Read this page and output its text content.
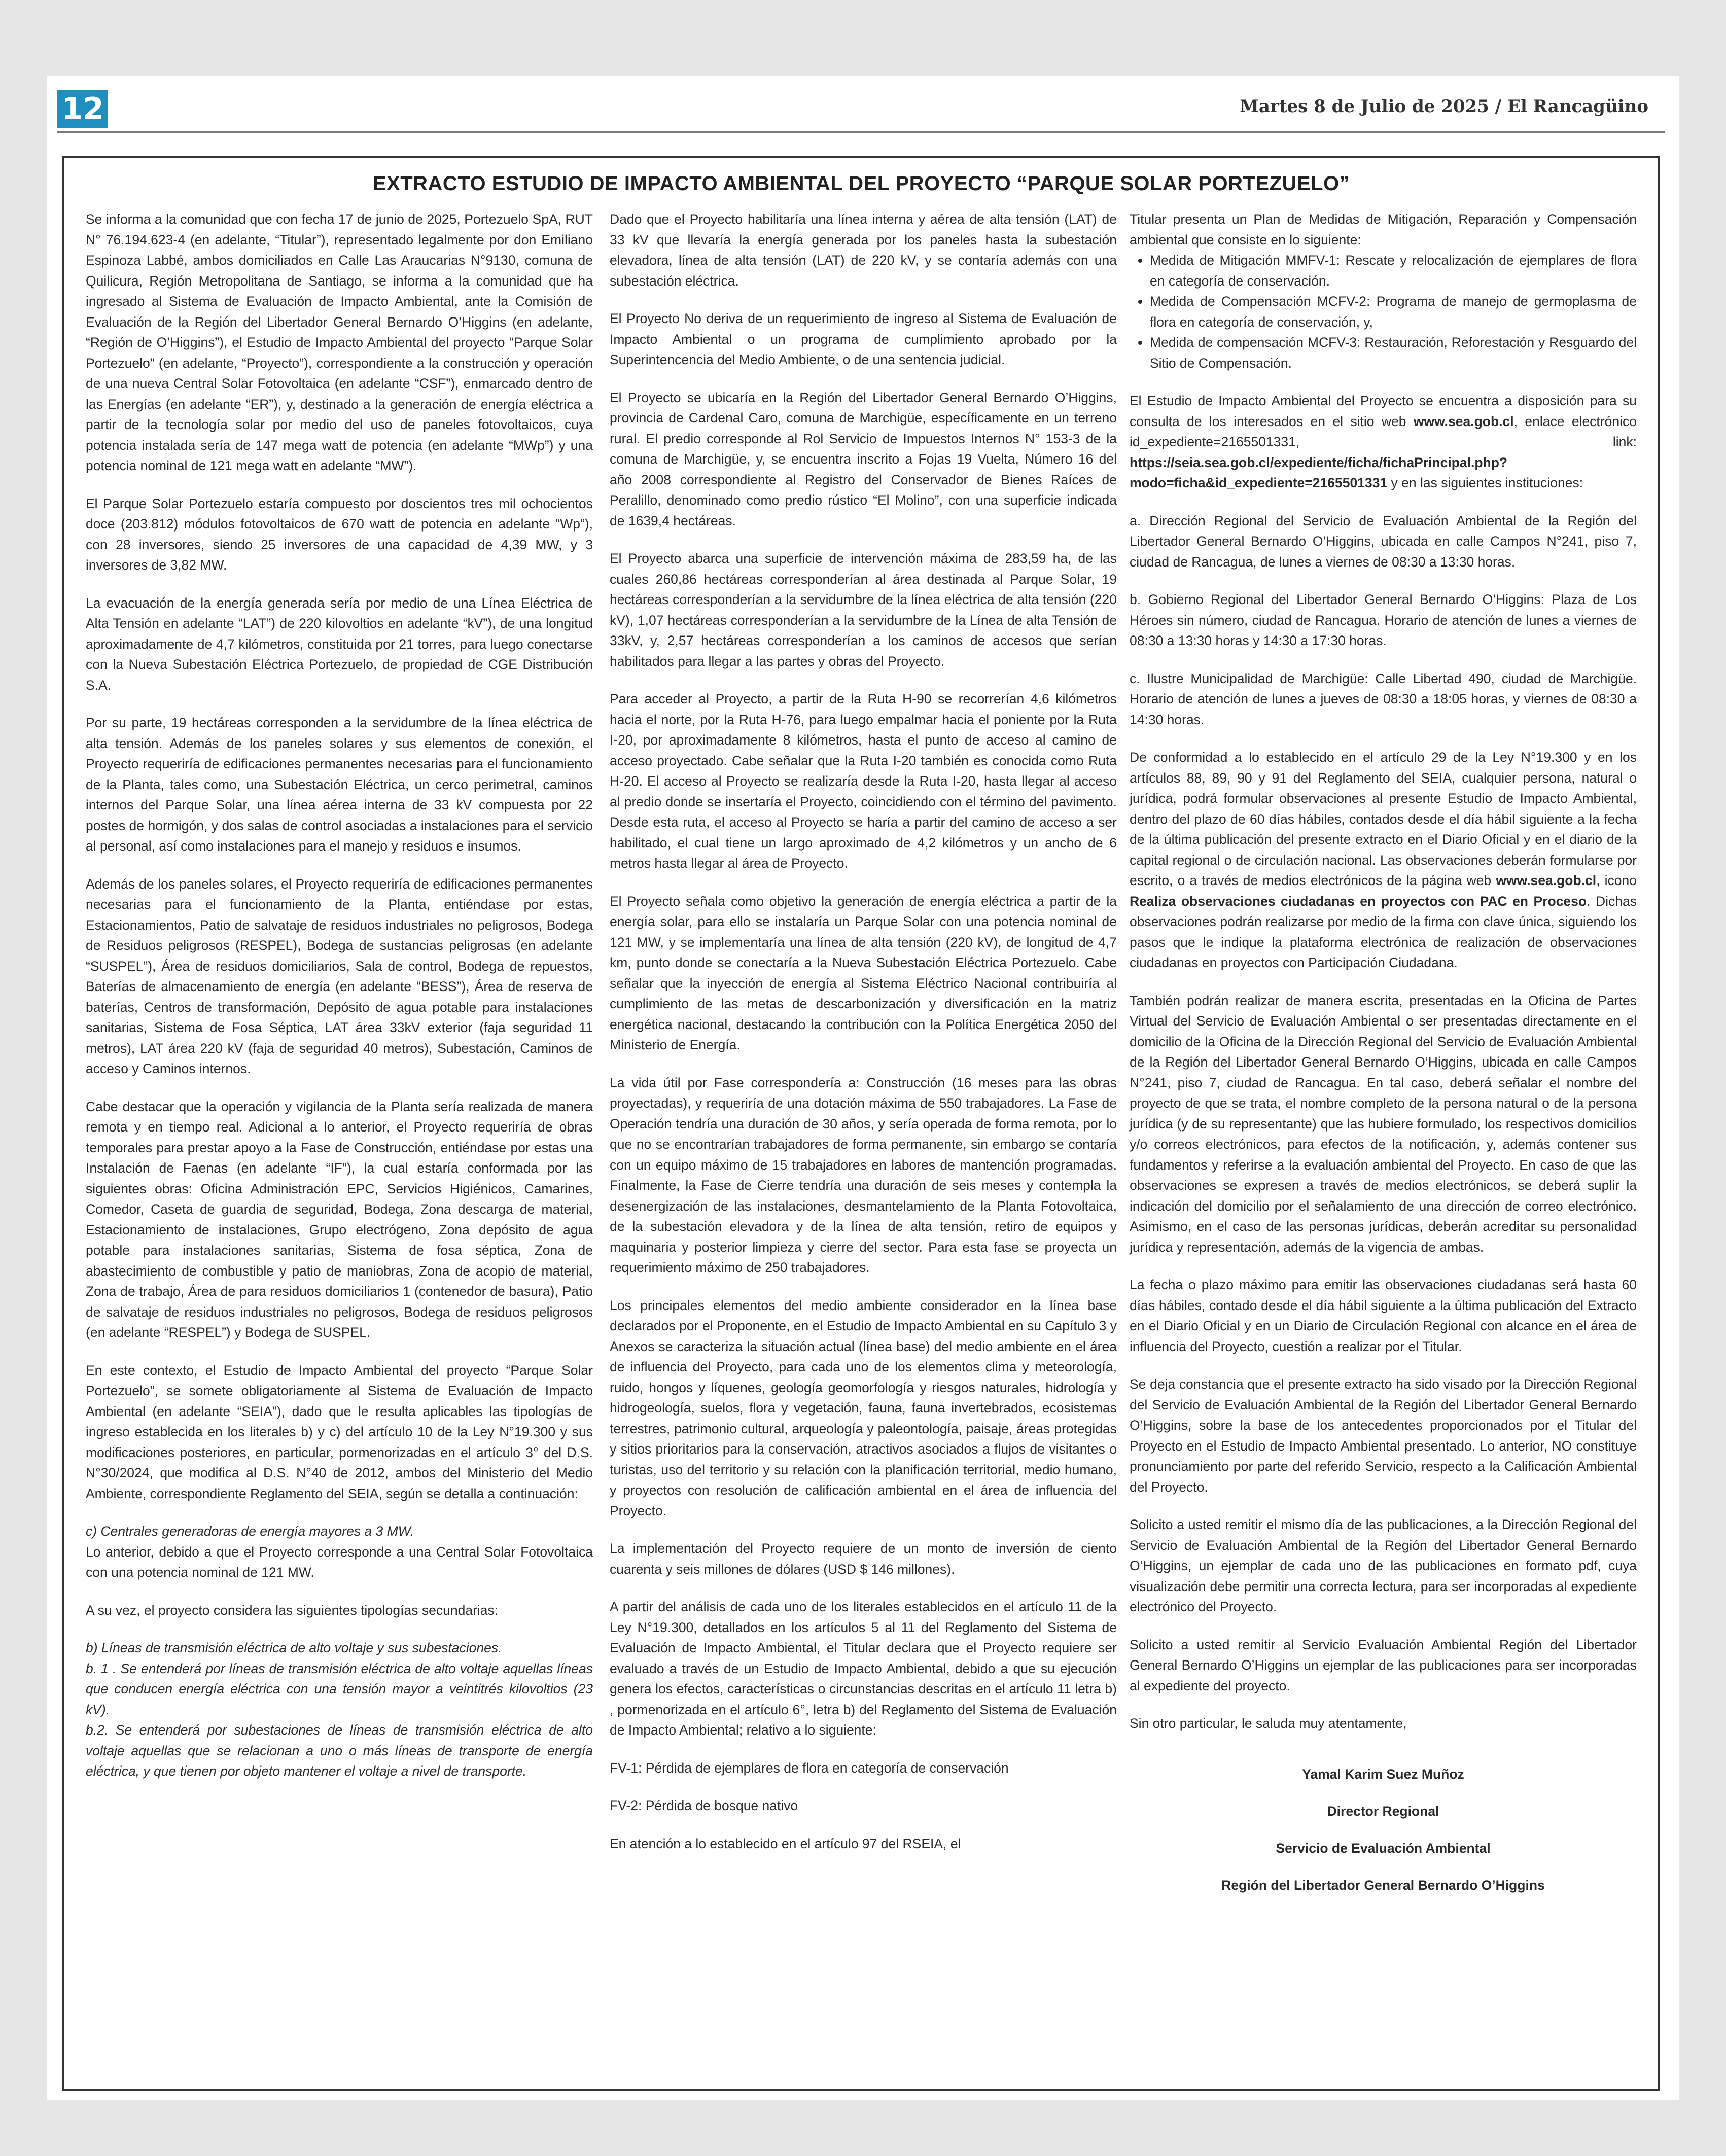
12	Martes 8 de Julio de 2025 / El Rancagüino
EXTRACTO ESTUDIO DE IMPACTO AMBIENTAL DEL PROYECTO “PARQUE SOLAR PORTEZUELO”

Se informa a la comunidad que con fecha 17 de junio de 2025, Portezuelo SpA, RUT N° 76.194.623-4 (en adelante, “Titular”), representado legalmente por don Emiliano Espinoza Labbé, ambos domiciliados en Calle Las Araucarias N°9130, comuna de Quilicura, Región Metropolitana de Santiago, se informa a la comunidad que ha ingresado al Sistema de Evaluación de Impacto Ambiental, ante la Comisión de Evaluación de la Región del Libertador General Bernardo O’Higgins (en adelante, “Región de O’Higgins”), el Estudio de Impacto Ambiental del proyecto “Parque Solar Portezuelo” (en adelante, “Proyecto”), correspondiente a la construcción y operación de una nueva Central Solar Fotovoltaica (en adelante “CSF”), enmarcado dentro de las Energías (en adelante “ER”), y, destinado a la generación de energía eléctrica a partir de la tecnología solar por medio del uso de paneles fotovoltaicos, cuya potencia instalada sería de 147 mega watt de potencia (en adelante “MWp”) y una potencia nominal de 121 mega watt en adelante “MW”).

El Parque Solar Portezuelo estaría compuesto por doscientos tres mil ochocientos doce (203.812) módulos fotovoltaicos de 670 watt de potencia en adelante “Wp”), con 28 inversores, siendo 25 inversores de una capacidad de 4,39 MW, y 3 inversores de 3,82 MW.

La evacuación de la energía generada sería por medio de una Línea Eléctrica de Alta Tensión en adelante “LAT”) de 220 kilovoltios en adelante “kV”), de una longitud aproximadamente de 4,7 kilómetros, constituida por 21 torres, para luego conectarse con la Nueva Subestación Eléctrica Portezuelo, de propiedad de CGE Distribución S.A.

Por su parte, 19 hectáreas corresponden a la servidumbre de la línea eléctrica de alta tensión. Además de los paneles solares y sus elementos de conexión, el Proyecto requeriría de edificaciones permanentes necesarias para el funcionamiento de la Planta, tales como, una Subestación Eléctrica, un cerco perimetral, caminos internos del Parque Solar, una línea aérea interna de 33 kV compuesta por 22 postes de hormigón, y dos salas de control asociadas a instalaciones para el servicio al personal, así como instalaciones para el manejo y residuos e insumos.

Además de los paneles solares, el Proyecto requeriría de edificaciones permanentes necesarias para el funcionamiento de la Planta, entiéndase por estas, Estacionamientos, Patio de salvataje de residuos industriales no peligrosos, Bodega de Residuos peligrosos (RESPEL), Bodega de sustancias peligrosas (en adelante “SUSPEL”), Área de residuos domiciliarios, Sala de control, Bodega de repuestos, Baterías de almacenamiento de energía (en adelante “BESS”), Área de reserva de baterías, Centros de transformación, Depósito de agua potable para instalaciones sanitarias, Sistema de Fosa Séptica, LAT área 33kV exterior (faja seguridad 11 metros), LAT área 220 kV (faja de seguridad 40 metros), Subestación, Caminos de acceso y Caminos internos.

Cabe destacar que la operación y vigilancia de la Planta sería realizada de manera remota y en tiempo real. Adicional a lo anterior, el Proyecto requeriría de obras temporales para prestar apoyo a la Fase de Construcción, entiéndase por estas una Instalación de Faenas (en adelante “IF”), la cual estaría conformada por las siguientes obras: Oficina Administración EPC, Servicios Higiénicos, Camarines, Comedor, Caseta de guardia de seguridad, Bodega, Zona descarga de material, Estacionamiento de instalaciones, Grupo electrógeno, Zona depósito de agua potable para instalaciones sanitarias, Sistema de fosa séptica, Zona de abastecimiento de combustible y patio de maniobras, Zona de acopio de material, Zona de trabajo, Área de para residuos domiciliarios 1 (contenedor de basura), Patio de salvataje de residuos industriales no peligrosos, Bodega de residuos peligrosos (en adelante “RESPEL”) y Bodega de SUSPEL.

En este contexto, el Estudio de Impacto Ambiental del proyecto “Parque Solar Portezuelo”, se somete obligatoriamente al Sistema de Evaluación de Impacto Ambiental (en adelante “SEIA”), dado que le resulta aplicables las tipologías de ingreso establecida en los literales b) y c) del artículo 10 de la Ley N°19.300 y sus modificaciones posteriores, en particular, pormenorizadas en el artículo 3° del D.S. N°30/2024, que modifica al D.S. N°40 de 2012, ambos del Ministerio del Medio Ambiente, correspondiente Reglamento del SEIA, según se detalla a continuación:

c) Centrales generadoras de energía mayores a 3 MW.

Lo anterior, debido a que el Proyecto corresponde a una Central Solar Fotovoltaica con una potencia nominal de 121 MW.

A su vez, el proyecto considera las siguientes tipologías secundarias:

b) Líneas de transmisión eléctrica de alto voltaje y sus subestaciones.

b. 1 . Se entenderá por líneas de transmisión eléctrica de alto voltaje aquellas líneas que conducen energía eléctrica con una tensión mayor a veintitrés kilovoltios (23 kV).

b.2. Se entenderá por subestaciones de líneas de transmisión eléctrica de alto voltaje aquellas que se relacionan a uno o más líneas de transporte de energía eléctrica, y que tienen por objeto mantener el voltaje a nivel de transporte.

Dado que el Proyecto habilitaría una línea interna y aérea de alta tensión (LAT) de 33 kV que llevaría la energía generada por los paneles hasta la subestación elevadora, línea de alta tensión (LAT) de 220 kV, y se contaría además con una subestación eléctrica.

El Proyecto No deriva de un requerimiento de ingreso al Sistema de Evaluación de Impacto Ambiental o un programa de cumplimiento aprobado por la Superintencencia del Medio Ambiente, o de una sentencia judicial.

El Proyecto se ubicaría en la Región del Libertador General Bernardo O’Higgins, provincia de Cardenal Caro, comuna de Marchigüe, específicamente en un terreno rural. El predio corresponde al Rol Servicio de Impuestos Internos N° 153-3 de la comuna de Marchigüe, y, se encuentra inscrito a Fojas 19 Vuelta, Número 16 del año 2008 correspondiente al Registro del Conservador de Bienes Raíces de Peralillo, denominado como predio rústico “El Molino”, con una superficie indicada de 1639,4 hectáreas.

El Proyecto abarca una superficie de intervención máxima de 283,59 ha, de las cuales 260,86 hectáreas corresponderían al área destinada al Parque Solar, 19 hectáreas corresponderían a la servidumbre de la línea eléctrica de alta tensión (220 kV), 1,07 hectáreas corresponderían a la servidumbre de la Línea de alta Tensión de 33kV, y, 2,57 hectáreas corresponderían a los caminos de accesos que serían habilitados para llegar a las partes y obras del Proyecto.

Para acceder al Proyecto, a partir de la Ruta H-90 se recorrerían 4,6 kilómetros hacia el norte, por la Ruta H-76, para luego empalmar hacia el poniente por la Ruta I-20, por aproximadamente 8 kilómetros, hasta el punto de acceso al camino de acceso proyectado. Cabe señalar que la Ruta I-20 también es conocida como Ruta H-20. El acceso al Proyecto se realizaría desde la Ruta I-20, hasta llegar al acceso al predio donde se insertaría el Proyecto, coincidiendo con el término del pavimento. Desde esta ruta, el acceso al Proyecto se haría a partir del camino de acceso a ser habilitado, el cual tiene un largo aproximado de 4,2 kilómetros y un ancho de 6 metros hasta llegar al área de Proyecto.

El Proyecto señala como objetivo la generación de energía eléctrica a partir de la energía solar, para ello se instalaría un Parque Solar con una potencia nominal de 121 MW, y se implementaría una línea de alta tensión (220 kV), de longitud de 4,7 km, punto donde se conectaría a la Nueva Subestación Eléctrica Portezuelo. Cabe señalar que la inyección de energía al Sistema Eléctrico Nacional contribuiría al cumplimiento de las metas de descarbonización y diversificación en la matriz energética nacional, destacando la contribución con la Política Energética 2050 del Ministerio de Energía.

La vida útil por Fase correspondería a: Construcción (16 meses para las obras proyectadas), y requeriría de una dotación máxima de 550 trabajadores. La Fase de Operación tendría una duración de 30 años, y sería operada de forma remota, por lo que no se encontrarían trabajadores de forma permanente, sin embargo se contaría con un equipo máximo de 15 trabajadores en labores de mantención programadas. Finalmente, la Fase de Cierre tendría una duración de seis meses y contempla la desenergización de las instalaciones, desmantelamiento de la Planta Fotovoltaica, de la subestación elevadora y de la línea de alta tensión, retiro de equipos y maquinaria y posterior limpieza y cierre del sector. Para esta fase se proyecta un requerimiento máximo de 250 trabajadores.

Los principales elementos del medio ambiente considerador en la línea base declarados por el Proponente, en el Estudio de Impacto Ambiental en su Capítulo 3 y Anexos se caracteriza la situación actual (línea base) del medio ambiente en el área de influencia del Proyecto, para cada uno de los elementos clima y meteorología, ruido, hongos y líquenes, geología geomorfología y riesgos naturales, hidrología y hidrogeología, suelos, flora y vegetación, fauna, fauna invertebrados, ecosistemas terrestres, patrimonio cultural, arqueología y paleontología, paisaje, áreas protegidas y sitios prioritarios para la conservación, atractivos asociados a flujos de visitantes o turistas, uso del territorio y su relación con la planificación territorial, medio humano, y proyectos con resolución de calificación ambiental en el área de influencia del Proyecto.

La implementación del Proyecto requiere de un monto de inversión de ciento cuarenta y seis millones de dólares (USD $ 146 millones).

A partir del análisis de cada uno de los literales establecidos en el artículo 11 de la Ley N°19.300, detallados en los artículos 5 al 11 del Reglamento del Sistema de Evaluación de Impacto Ambiental, el Titular declara que el Proyecto requiere ser evaluado a través de un Estudio de Impacto Ambiental, debido a que su ejecución genera los efectos, características o circunstancias descritas en el artículo 11 letra b) , pormenorizada en el artículo 6°, letra b) del Reglamento del Sistema de Evaluación de Impacto Ambiental; relativo a lo siguiente:

FV-1: Pérdida de ejemplares de flora en categoría de conservación

FV-2: Pérdida de bosque nativo

En atención a lo establecido en el artículo 97 del RSEIA, el

Titular presenta un Plan de Medidas de Mitigación, Reparación y Compensación ambiental que consiste en lo siguiente:

• Medida de Mitigación MMFV-1: Rescate y relocalización de ejemplares de flora en categoría de conservación.
• Medida de Compensación MCFV-2: Programa de manejo de germoplasma de flora en categoría de conservación, y,
• Medida de compensación MCFV-3: Restauración, Reforestación y Resguardo del Sitio de Compensación.

El Estudio de Impacto Ambiental del Proyecto se encuentra a disposición para su consulta de los interesados en el sitio web www.sea.gob.cl, enlace electrónico id_expediente=2165501331, link: https://seia.sea.gob.cl/expediente/ficha/fichaPrincipal.php?modo=ficha&id_expediente=2165501331 y en las siguientes instituciones:

a. Dirección Regional del Servicio de Evaluación Ambiental de la Región del Libertador General Bernardo O’Higgins, ubicada en calle Campos N°241, piso 7, ciudad de Rancagua, de lunes a viernes de 08:30 a 13:30 horas.

b. Gobierno Regional del Libertador General Bernardo O’Higgins: Plaza de Los Héroes sin número, ciudad de Rancagua. Horario de atención de lunes a viernes de 08:30 a 13:30 horas y 14:30 a 17:30 horas.

c. Ilustre Municipalidad de Marchigüe: Calle Libertad 490, ciudad de Marchigüe. Horario de atención de lunes a jueves de 08:30 a 18:05 horas, y viernes de 08:30 a 14:30 horas.

De conformidad a lo establecido en el artículo 29 de la Ley N°19.300 y en los artículos 88, 89, 90 y 91 del Reglamento del SEIA, cualquier persona, natural o jurídica, podrá formular observaciones al presente Estudio de Impacto Ambiental, dentro del plazo de 60 días hábiles, contados desde el día hábil siguiente a la fecha de la última publicación del presente extracto en el Diario Oficial y en el diario de la capital regional o de circulación nacional. Las observaciones deberán formularse por escrito, o a través de medios electrónicos de la página web www.sea.gob.cl, icono Realiza observaciones ciudadanas en proyectos con PAC en Proceso. Dichas observaciones podrán realizarse por medio de la firma con clave única, siguiendo los pasos que le indique la plataforma electrónica de realización de observaciones ciudadanas en proyectos con Participación Ciudadana.

También podrán realizar de manera escrita, presentadas en la Oficina de Partes Virtual del Servicio de Evaluación Ambiental o ser presentadas directamente en el domicilio de la Oficina de la Dirección Regional del Servicio de Evaluación Ambiental de la Región del Libertador General Bernardo O’Higgins, ubicada en calle Campos N°241, piso 7, ciudad de Rancagua. En tal caso, deberá señalar el nombre del proyecto de que se trata, el nombre completo de la persona natural o de la persona jurídica (y de su representante) que las hubiere formulado, los respectivos domicilios y/o correos electrónicos, para efectos de la notificación, y, además contener sus fundamentos y referirse a la evaluación ambiental del Proyecto. En caso de que las observaciones se expresen a través de medios electrónicos, se deberá suplir la indicación del domicilio por el señalamiento de una dirección de correo electrónico. Asimismo, en el caso de las personas jurídicas, deberán acreditar su personalidad jurídica y representación, además de la vigencia de ambas.

La fecha o plazo máximo para emitir las observaciones ciudadanas será hasta 60 días hábiles, contado desde el día hábil siguiente a la última publicación del Extracto en el Diario Oficial y en un Diario de Circulación Regional con alcance en el área de influencia del Proyecto, cuestión a realizar por el Titular.

Se deja constancia que el presente extracto ha sido visado por la Dirección Regional del Servicio de Evaluación Ambiental de la Región del Libertador General Bernardo O’Higgins, sobre la base de los antecedentes proporcionados por el Titular del Proyecto en el Estudio de Impacto Ambiental presentado. Lo anterior, NO constituye pronunciamiento por parte del referido Servicio, respecto a la Calificación Ambiental del Proyecto.

Solicito a usted remitir el mismo día de las publicaciones, a la Dirección Regional del Servicio de Evaluación Ambiental de la Región del Libertador General Bernardo O’Higgins, un ejemplar de cada uno de las publicaciones en formato pdf, cuya visualización debe permitir una correcta lectura, para ser incorporadas al expediente electrónico del Proyecto.

Solicito a usted remitir al Servicio Evaluación Ambiental Región del Libertador General Bernardo O’Higgins un ejemplar de las publicaciones para ser incorporadas al expediente del proyecto.

Sin otro particular, le saluda muy atentamente,

Yamal Karim Suez Muñoz

Director Regional

Servicio de Evaluación Ambiental

Región del Libertador General Bernardo O’Higgins
